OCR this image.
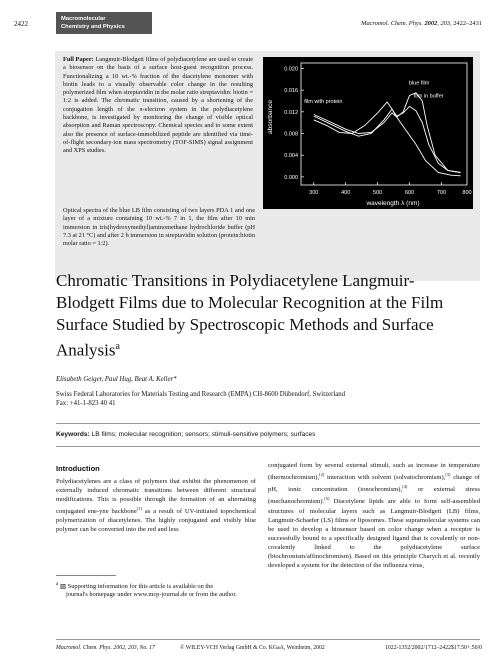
2422
Macromolecular
Chemistry and Physics	Macromol. Chem. Phys. 2002, 203, 2422–2431
Full Paper: Langmuir-Blodgett films of polydiacetylene are used to create a biosensor on the basis of a surface host-guest recognition process. Functionalizing a 10 wt.-% fraction of the diacetylene monomer with biotin leads to a visually observable color change in the resulting polymerized film when streptavidin in the molar ratio streptavidin: biotin = 1:2 is added. The chromatic transition, caused by a shortening of the conjugation length of the π-electron system in the polydiacetylene backbone, is investigated by monitoring the change of visible optical absorption and Raman spectroscopy. Chemical species and to some extent also the presence of surface-immobilized peptide are identified via time-of-flight secondary-ion mass spectrometry (TOF-SIMS) signal assignment and XPS studies.
Optical spectra of the blue LB film consisting of two layers PDA 1 and one layer of a mixture containing 10 wt.-% 7 in 1, the film after 10 min immersion in tris(hydroxymethyl)aminomethane hydrochloride buffer (pH 7.3 at 21 °C) and after 2 h immersion in streptavidin solution (protein:biotin molar ratio = 1:2).
0.000
0.004
0.008
0.012
0.016
0.020
300	400	500	600	700	800
blue film
film in buffer
film with protein
absorbance
wavelength λ (nm)
Chromatic Transitions in Polydiacetylene Langmuir-Blodgett Films due to Molecular Recognition at the Film Surface Studied by Spectroscopic Methods and Surface Analysis$^a$
Elisabeth Geiger, Paul Hug, Beat A. Keller*
Swiss Federal Laboratories for Materials Testing and Research (EMPA) CH-8600 Dübendorf, Switzerland
Fax: +41-1-823 40 41
Keywords: LB films; molecular recognition; sensors; stimuli-sensitive polymers; surfaces
Introduction
Polydiacetylenes are a class of polymers that exhibit the phenomenon of externally induced chromatic transitions between different structural modifications. This is possible through the formation of an alternating conjugated ene-yne backbone[1] as a result of UV-initiated topochemical polymerization of diacetylenes. The highly conjugated and visibly blue polymer can be converted into the red and less
conjugated form by several external stimuli, such as increase in temperature (thermochromism),[2] interaction with solvent (solvatochromism),[3] change of pH, ionic concentration (ionochromism),[4] or external stress (mechanochromism).[5] Diacetylene lipids are able to form self-assembled structures of molecular layers such as Langmuir-Blodgett (LB) films, Langmuir-Schaefer (LS) films or liposomes. These supramolecular systems can be used to develop a biosensor based on color change when a receptor is successfully bound to a specifically designed ligand that is covalently or non-covalently linked to the polydiacetylene surface (biochromism/affinochromism). Based on this principle Charych et al. recently developed a system for the detection of the influenza virus,
$^a$ ▧ Supporting information for this article is available on the
journal's homepage under www.mcp-journal.de or from the author.
Macromol. Chem. Phys. 2002, 203, No. 17	© WILEY-VCH Verlag GmbH & Co. KGaA, Weinheim, 2002	1022-1352/2002/1712–2422$17.50+.50/0
